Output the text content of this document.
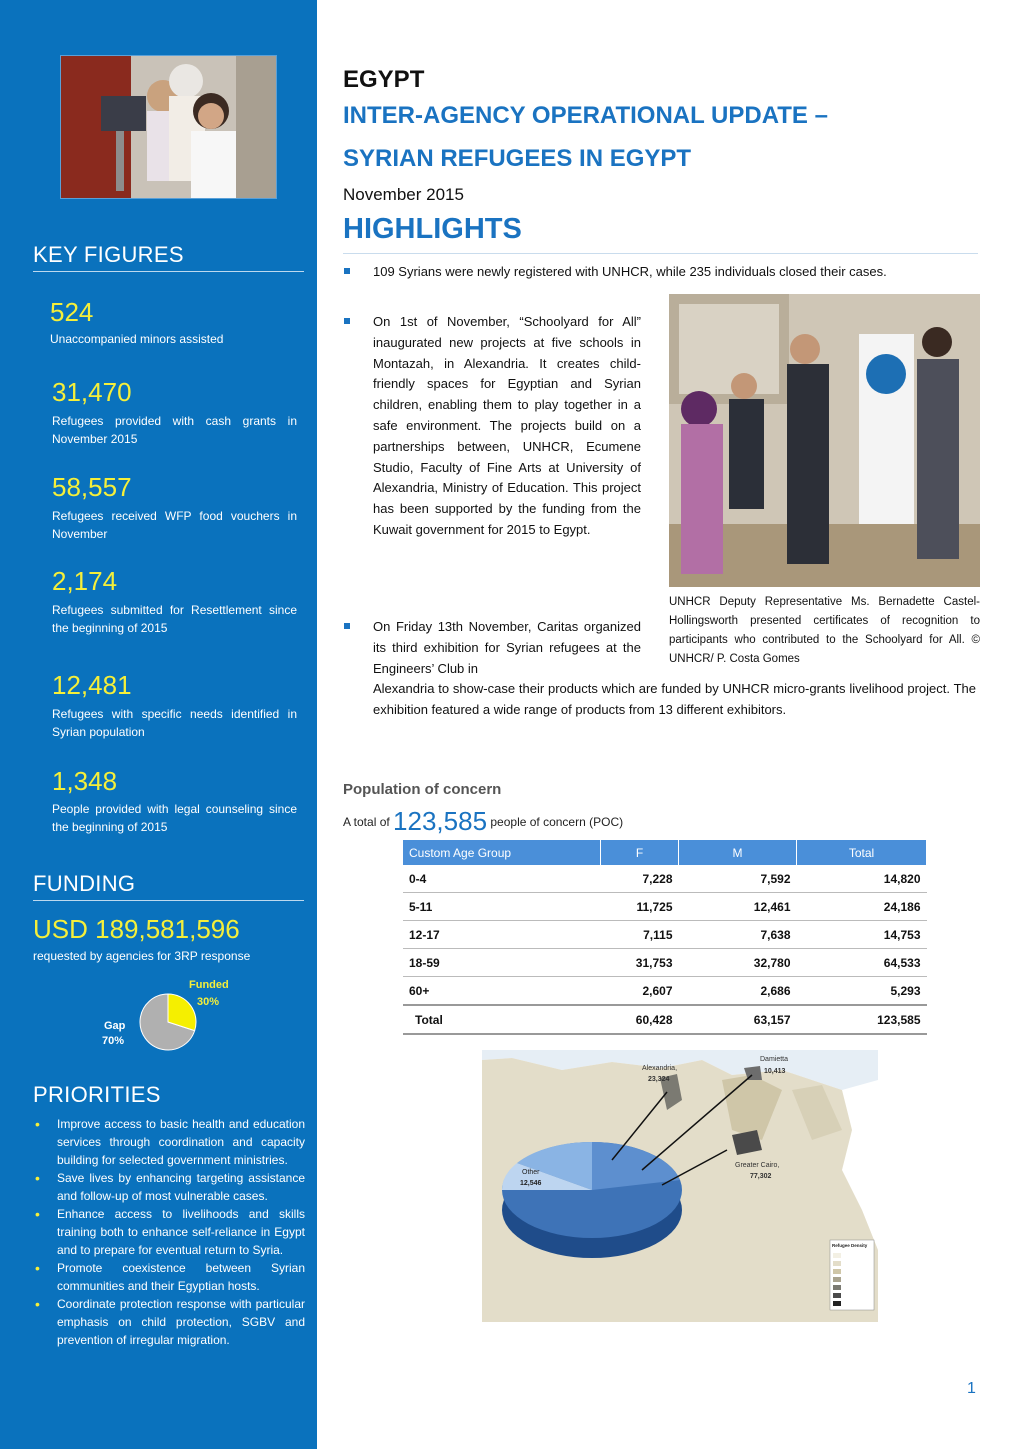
KEY FIGURES
524
Unaccompanied minors assisted
31,470
Refugees provided with cash grants in November 2015
58,557
Refugees received WFP food vouchers in November
2,174
Refugees submitted for Resettlement since the beginning of 2015
12,481
Refugees with specific needs identified in Syrian population
1,348
People provided with legal counseling since the beginning of 2015
FUNDING
USD 189,581,596
requested by agencies for 3RP response
Funded
30%
Gap
70%
PRIORITIES
• Improve access to basic health and education services through coordination and capacity building for selected government ministries.
• Save lives by enhancing targeting assistance and follow-up of most vulnerable cases.
• Enhance access to livelihoods and skills training both to enhance self-reliance in Egypt and to prepare for eventual return to Syria.
• Promote coexistence between Syrian communities and their Egyptian hosts.
• Coordinate protection response with particular emphasis on child protection, SGBV and prevention of irregular migration.
EGYPT
INTER-AGENCY OPERATIONAL UPDATE –
SYRIAN REFUGEES IN EGYPT
November 2015
HIGHLIGHTS
109 Syrians were newly registered with UNHCR, while 235 individuals closed their cases.
On 1st of November, “Schoolyard for All” inaugurated new projects at five schools in Montazah, in Alexandria. It creates child-friendly spaces for Egyptian and Syrian children, enabling them to play together in a safe environment. The projects build on a partnerships between, UNHCR, Ecumene Studio, Faculty of Fine Arts at University of Alexandria, Ministry of Education. This project has been supported by the funding from the Kuwait government for 2015 to Egypt.
UNHCR Deputy Representative Ms. Bernadette Castel-Hollingsworth presented certificates of recognition to participants who contributed to the Schoolyard for All. © UNHCR/ P. Costa Gomes
On Friday 13th November, Caritas organized its third exhibition for Syrian refugees at the Engineers’ Club in
Alexandria to show-case their products which are funded by UNHCR micro-grants livelihood project. The exhibition featured a wide range of products from 13 different exhibitors.
Population of concern
A total of 123,585 people of concern (POC)
Custom Age Group	F	M	Total
0-4	7,228	7,592	14,820
5-11	11,725	12,461	24,186
12-17	7,115	7,638	14,753
18-59	31,753	32,780	64,533
60+	2,607	2,686	5,293
Total	60,428	63,157	123,585
Alexandria,
23,324
Damietta
10,413
Greater Cairo,
77,302
Other
12,546
Refugee Density
1
